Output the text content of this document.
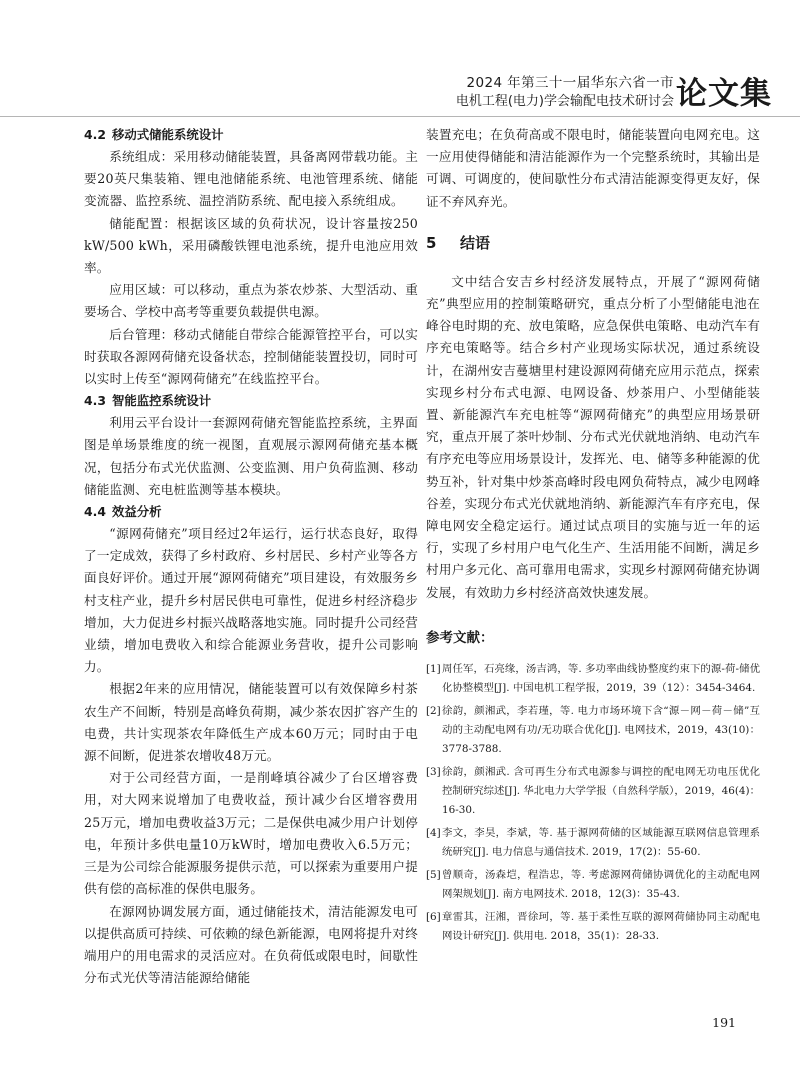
2024 年第三十一届华东六省一市
电机工程(电力)学会输配电技术研讨会 论文集
4.2 移动式储能系统设计

系统组成：采用移动储能装置，具备离网带载功能。主要20英尺集装箱、锂电池储能系统、电池管理系统、储能变流器、监控系统、温控消防系统、配电接入系统组成。

储能配置：根据该区域的负荷状况，设计容量按250 kW/500 kWh，采用磷酸铁锂电池系统，提升电池应用效率。

应用区域：可以移动，重点为茶农炒茶、大型活动、重要场合、学校中高考等重要负载提供电源。

后台管理：移动式储能自带综合能源管控平台，可以实时获取各源网荷储充设备状态，控制储能装置投切，同时可以实时上传至“源网荷储充”在线监控平台。

4.3 智能监控系统设计

利用云平台设计一套源网荷储充智能监控系统，主界面图是单场景维度的统一视图，直观展示源网荷储充基本概况，包括分布式光伏监测、公变监测、用户负荷监测、移动储能监测、充电桩监测等基本模块。

4.4 效益分析

“源网荷储充”项目经过2年运行，运行状态良好，取得了一定成效，获得了乡村政府、乡村居民、乡村产业等各方面良好评价。通过开展“源网荷储充”项目建设，有效服务乡村支柱产业，提升乡村居民供电可靠性，促进乡村经济稳步增加，大力促进乡村振兴战略落地实施。同时提升公司经营业绩，增加电费收入和综合能源业务营收，提升公司影响力。

根据2年来的应用情况，储能装置可以有效保障乡村茶农生产不间断，特别是高峰负荷期，减少茶农因扩容产生的电费，共计实现茶农年降低生产成本60万元；同时由于电源不间断，促进茶农增收48万元。

对于公司经营方面，一是削峰填谷减少了台区增容费用，对大网来说增加了电费收益，预计减少台区增容费用25万元，增加电费收益3万元；二是保供电减少用户计划停电，年预计多供电量10万kW时，增加电费收入6.5万元；三是为公司综合能源服务提供示范，可以探索为重要用户提供有偿的高标准的保供电服务。

在源网协调发展方面，通过储能技术，清洁能源发电可以提供高质可持续、可依赖的绿色新能源，电网将提升对终端用户的用电需求的灵活应对。在负荷低或限电时，间歇性分布式光伏等清洁能源给储能

装置充电；在负荷高或不限电时，储能装置向电网充电。这一应用使得储能和清洁能源作为一个完整系统时，其输出是可调、可调度的，使间歇性分布式清洁能源变得更友好，保证不弃风弃光。

5 结语

文中结合安吉乡村经济发展特点，开展了“源网荷储充”典型应用的控制策略研究，重点分析了小型储能电池在峰谷电时期的充、放电策略，应急保供电策略、电动汽车有序充电策略等。结合乡村产业现场实际状况，通过系统设计，在湖州安吉蔓塘里村建设源网荷储充应用示范点，探索实现乡村分布式电源、电网设备、炒茶用户、小型储能装置、新能源汽车充电桩等“源网荷储充”的典型应用场景研究，重点开展了茶叶炒制、分布式光伏就地消纳、电动汽车有序充电等应用场景设计，发挥光、电、储等多种能源的优势互补，针对集中炒茶高峰时段电网负荷特点，减少电网峰谷差，实现分布式光伏就地消纳、新能源汽车有序充电，保障电网安全稳定运行。通过试点项目的实施与近一年的运行，实现了乡村用户电气化生产、生活用能不间断，满足乡村用户多元化、高可靠用电需求，实现乡村源网荷储充协调发展，有效助力乡村经济高效快速发展。

参考文献：
[1] 周任军，石亮缘，汤吉鸿，等. 多功率曲线协整度约束下的源-荷-储优化协整模型[J]. 中国电机工程学报，2019，39（12）：3454-3464.
[2] 徐韵，颜湘武，李若瑾，等. 电力市场环境下含“源－网－荷－储”互动的主动配电网有功/无功联合优化[J]. 电网技术，2019，43(10)：3778-3788.
[3] 徐韵，颜湘武. 含可再生分布式电源参与调控的配电网无功电压优化控制研究综述[J]. 华北电力大学学报（自然科学版），2019，46(4)：16-30.
[4] 李文，李昊，李斌，等. 基于源网荷储的区域能源互联网信息管理系统研究[J]. 电力信息与通信技术. 2019，17(2)：55-60.
[5] 曾顺奇，汤森垲，程浩忠，等. 考虑源网荷储协调优化的主动配电网网架规划[J]. 南方电网技术. 2018，12(3)：35-43.
[6] 章雷其，汪湘，晋徐珂，等. 基于柔性互联的源网荷储协同主动配电网设计研究[J]. 供用电. 2018，35(1)：28-33.
191
